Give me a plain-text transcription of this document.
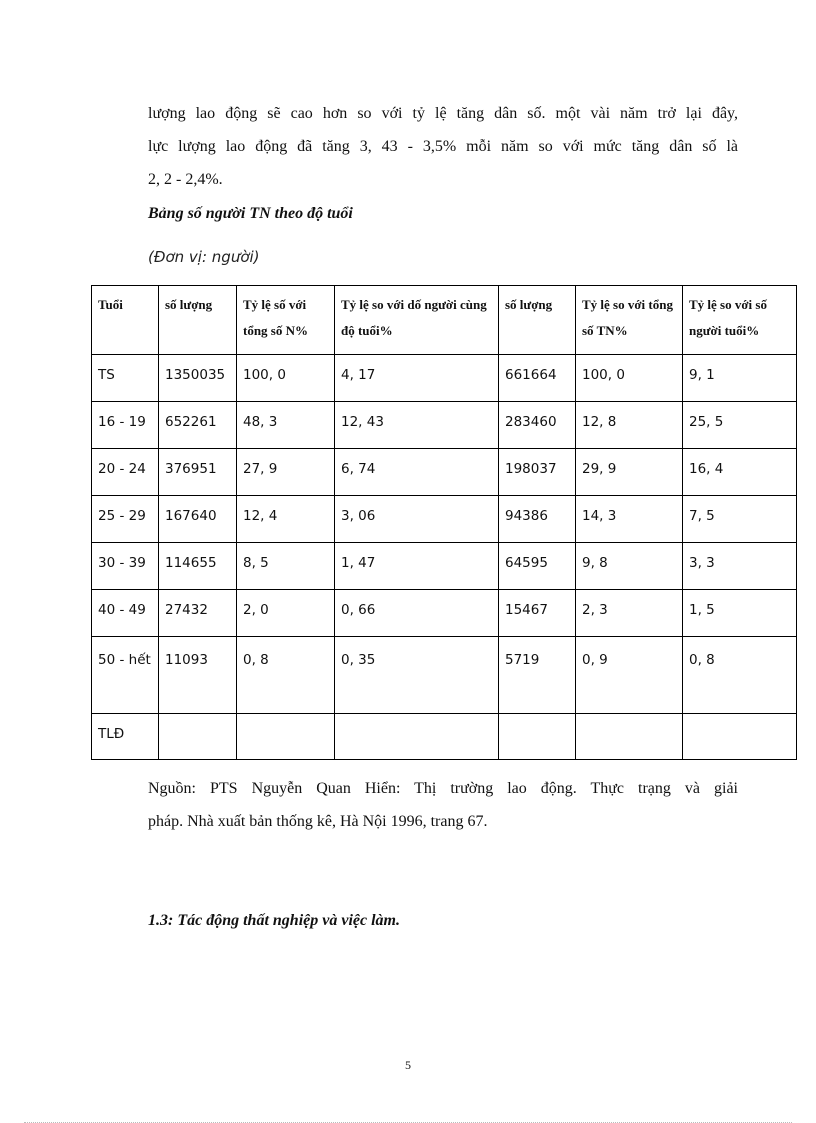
lượng lao động sẽ cao hơn so với tỷ lệ tăng dân số. một vài năm trở lại đây,
lực lượng lao động đã tăng 3, 43 - 3,5% mỗi năm so với mức tăng dân số là
2, 2 - 2,4%.
Bảng số người TN theo độ tuổi
(Đơn vị: người)
Tuổi	số lượng	Tỷ lệ số với tổng số N%	Tỷ lệ so với dố người cùng độ tuổi%	số lượng	Tỷ lệ so với tổng số TN%	Tỷ lệ so với số người tuổi%
TS	1350035	100, 0	4, 17	661664	100, 0	9, 1
16 - 19	652261	48, 3	12, 43	283460	12, 8	25, 5
20 - 24	376951	27, 9	6, 74	198037	29, 9	16, 4
25 - 29	167640	12, 4	3, 06	94386	14, 3	7, 5
30 - 39	114655	8, 5	1, 47	64595	9, 8	3, 3
40 - 49	27432	2, 0	0, 66	15467	2, 3	1, 5
50 - hết	11093	0, 8	0, 35	5719	0, 9	0, 8
TLĐ						
Nguồn: PTS Nguyễn Quan Hiển: Thị trường lao động. Thực trạng và giải
pháp. Nhà xuất bản thống kê, Hà Nội 1996, trang 67.
1.3: Tác động thất nghiệp và việc làm.
5
